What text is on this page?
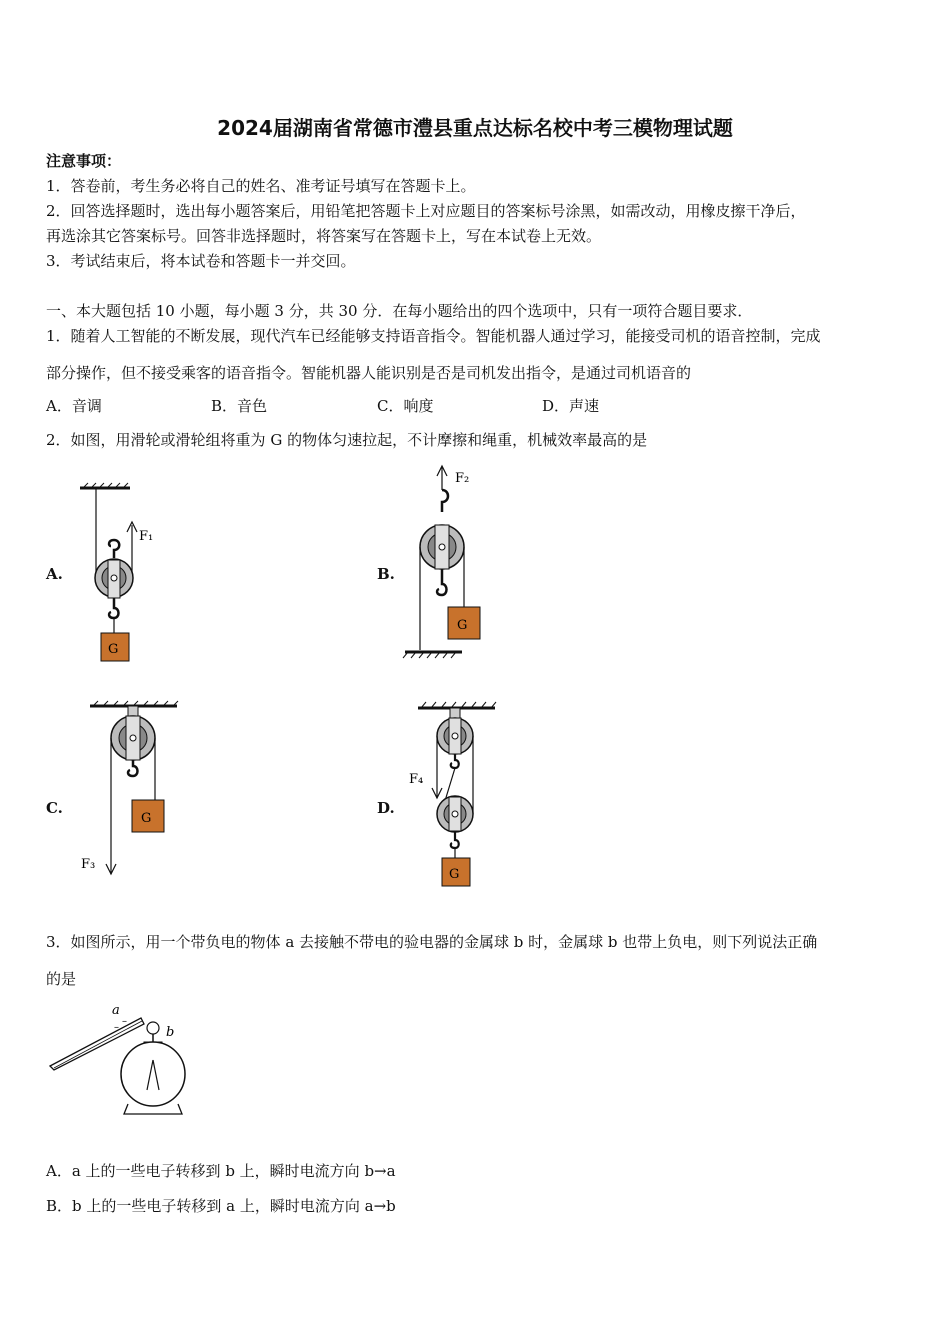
2024届湖南省常德市澧县重点达标名校中考三模物理试题
注意事项：
1．答卷前，考生务必将自己的姓名、准考证号填写在答题卡上。
2．回答选择题时，选出每小题答案后，用铅笔把答题卡上对应题目的答案标号涂黑，如需改动，用橡皮擦干净后，
再选涂其它答案标号。回答非选择题时，将答案写在答题卡上，写在本试卷上无效。
3．考试结束后，将本试卷和答题卡一并交回。
一、本大题包括 10 小题，每小题 3 分，共 30 分．在每小题给出的四个选项中，只有一项符合题目要求．
1．随着人工智能的不断发展，现代汽车已经能够支持语音指令。智能机器人通过学习，能接受司机的语音控制，完成
部分操作，但不接受乘客的语音指令。智能机器人能识别是否是司机发出指令，是通过司机语音的
A．音调	B．音色	C．响度	D．声速
2．如图，用滑轮或滑轮组将重为 G 的物体匀速拉起，不计摩擦和绳重，机械效率最高的是
A.	B.
C.	D.
F₁
G
F₂
G
F₃
G
F₄
G
3．如图所示，用一个带负电的物体 a 去接触不带电的验电器的金属球 b 时，金属球 b 也带上负电，则下列说法正确
的是
a
–
–	b
A．a 上的一些电子转移到 b 上，瞬时电流方向 b→a
B．b 上的一些电子转移到 a 上，瞬时电流方向 a→b
